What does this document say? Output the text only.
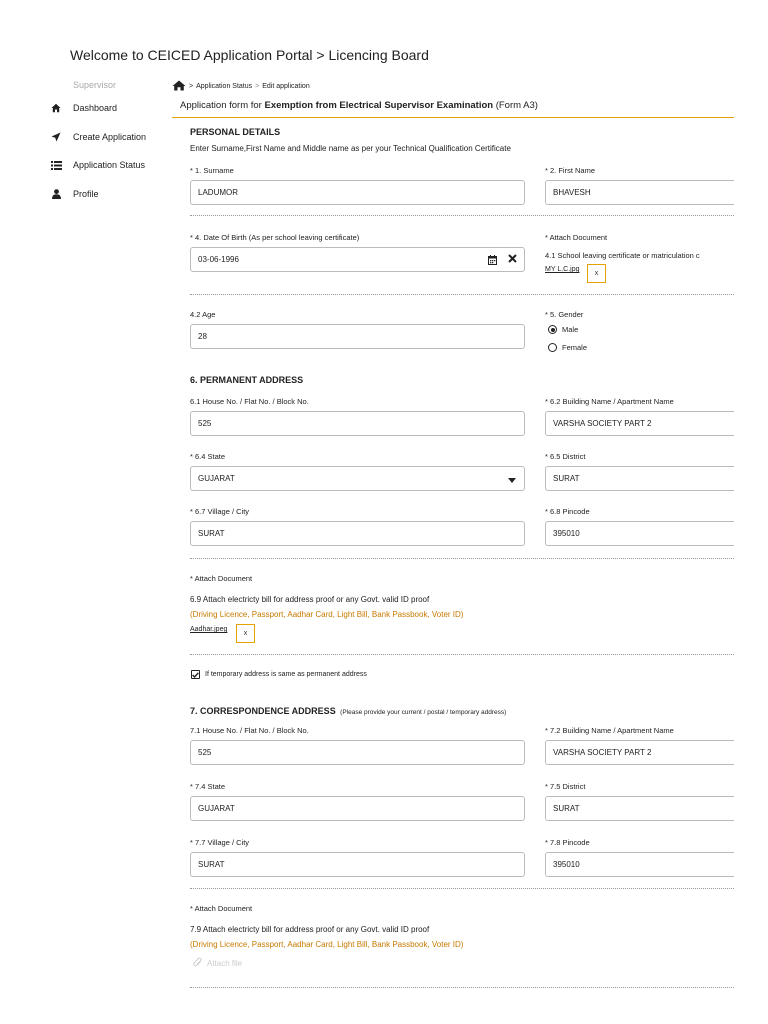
Welcome to CEICED Application Portal > Licencing Board
Supervisor
Dashboard
Create Application
Application Status
Profile
> Application Status > Edit application
Application form for Exemption from Electrical Supervisor Examination (Form A3)
PERSONAL DETAILS
Enter Surname,First Name and Middle name as per your Technical Qualification Certificate
* 1. Surname
LADUMOR
* 2. First Name
BHAVESH
* 4. Date Of Birth (As per school leaving certificate)
03-06-1996
* Attach Document
4.1 School leaving certificate or matriculation c
MY L.C.jpg
x
4.2 Age
28
* 5. Gender
Male
Female
6. PERMANENT ADDRESS
6.1 House No. / Flat No. / Block No.
525
* 6.2 Building Name / Apartment Name
VARSHA SOCIETY PART 2
* 6.4 State
GUJARAT
* 6.5 District
SURAT
* 6.7 Village / City
SURAT
* 6.8 Pincode
395010
* Attach Document
6.9 Attach electricty bill for address proof or any Govt. valid ID proof
(Driving Licence, Passport, Aadhar Card, Light Bill, Bank Passbook, Voter ID)
Aadhar.jpeg
x
If temporary address is same as permanent address
7. CORRESPONDENCE ADDRESS (Please provide your current / postal / temporary address)
7.1 House No. / Flat No. / Block No.
525
* 7.2 Building Name / Apartment Name
VARSHA SOCIETY PART 2
* 7.4 State
GUJARAT
* 7.5 District
SURAT
* 7.7 Village / City
SURAT
* 7.8 Pincode
395010
* Attach Document
7.9 Attach electricty bill for address proof or any Govt. valid ID proof
(Driving Licence, Passport, Aadhar Card, Light Bill, Bank Passbook, Voter ID)
Attach file
